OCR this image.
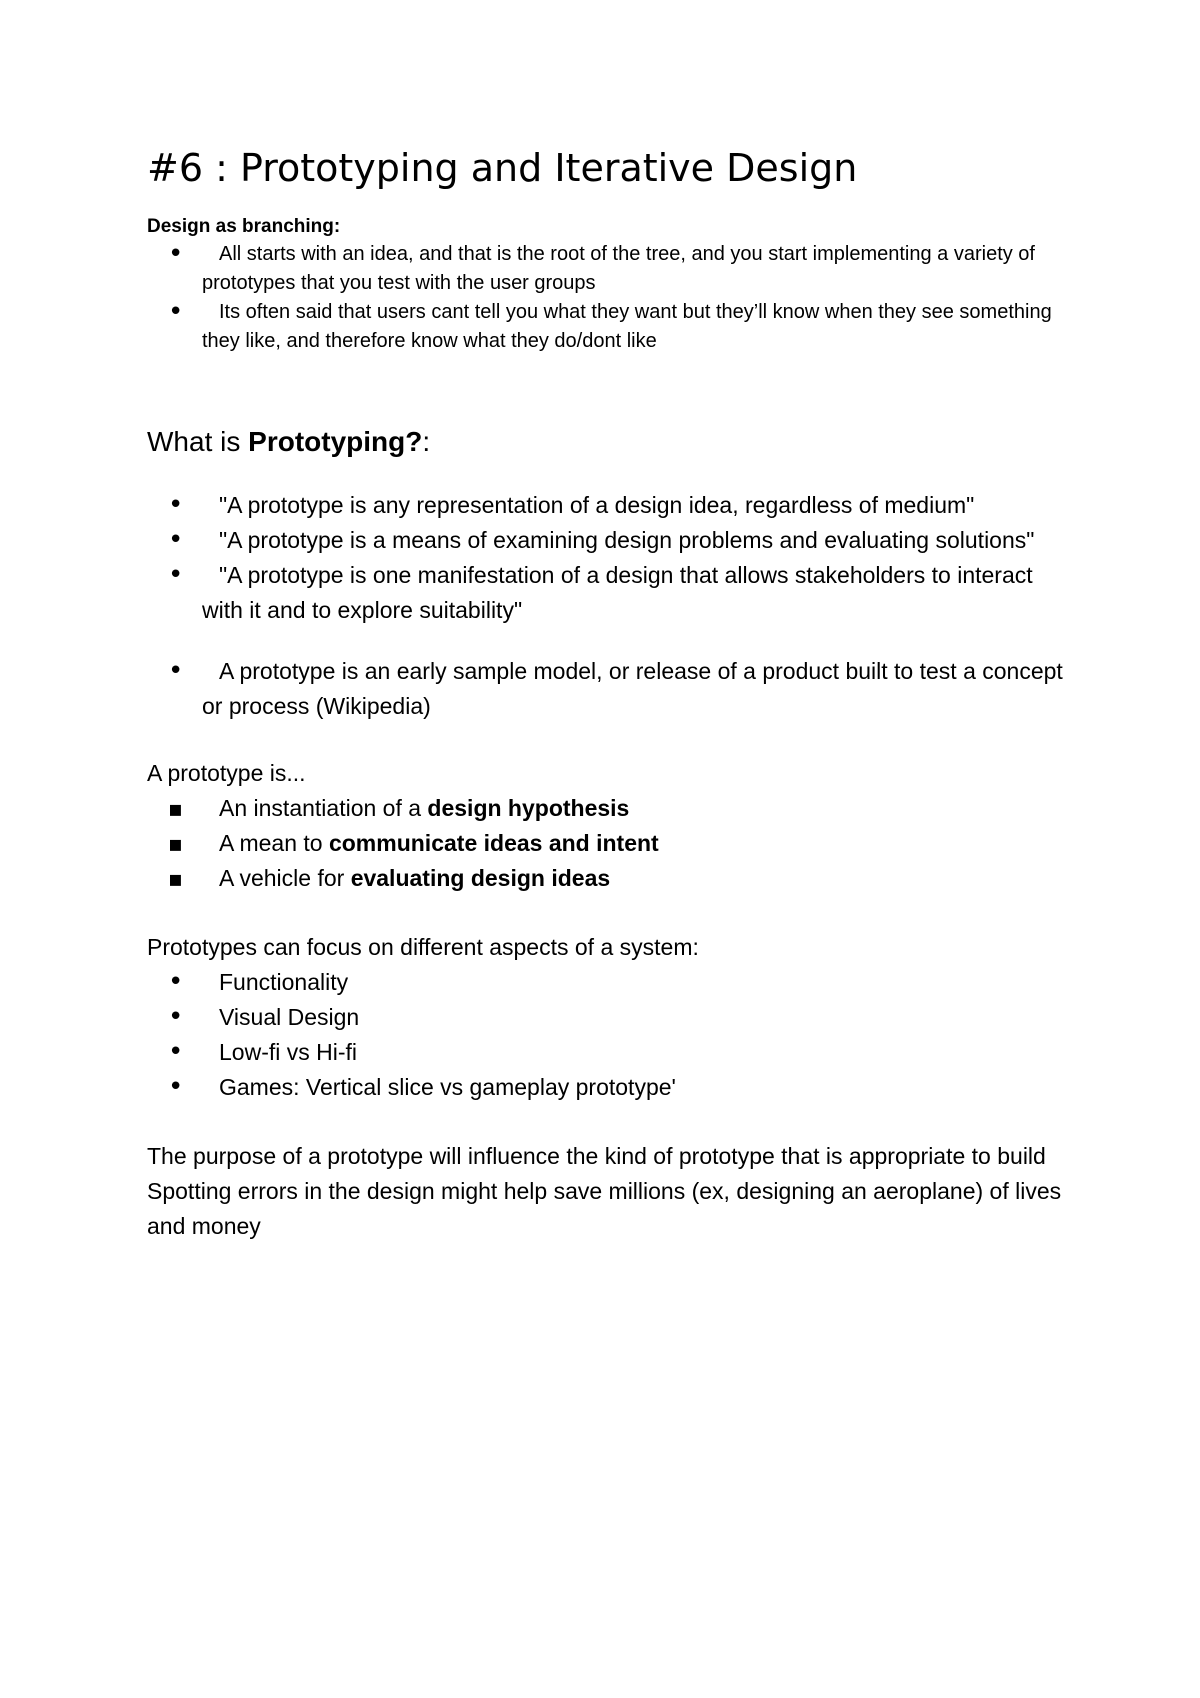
#6 : Prototyping and Iterative Design
Design as branching:
•
All starts with an idea, and that is the root of the tree, and you start implementing a variety of prototypes that you test with the user groups
•
Its often said that users cant tell you what they want but they’ll know when they see something they like, and therefore know what they do/dont like
What is Prototyping?:
•
"A prototype is any representation of a design idea, regardless of medium"
•
"A prototype is a means of examining design problems and evaluating solutions"
•
"A prototype is one manifestation of a design that allows stakeholders to interact with it and to explore suitability"
•
A prototype is an early sample model, or release of a product built to test a concept or process (Wikipedia)

A prototype is...

▪
An instantiation of a design hypothesis
▪
A mean to communicate ideas and intent
▪
A vehicle for evaluating design ideas

Prototypes can focus on different aspects of a system:

•
Functionality
•
Visual Design
•
Low-fi vs Hi-fi
•
Games: Vertical slice vs gameplay prototype'

The purpose of a prototype will influence the kind of prototype that is appropriate to build

Spotting errors in the design might help save millions (ex, designing an aeroplane) of lives and money
